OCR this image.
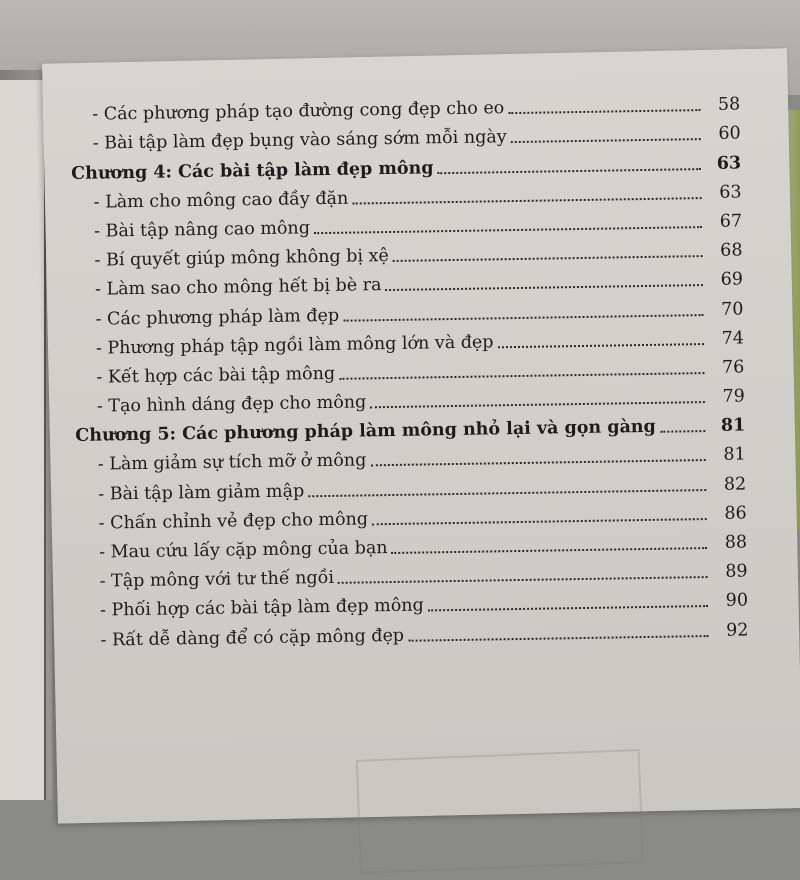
- Các phương pháp tạo đường cong đẹp cho eo	58
- Bài tập làm đẹp bụng vào sáng sớm mỗi ngày	60
Chương 4: Các bài tập làm đẹp mông	63
- Làm cho mông cao đầy đặn	63
- Bài tập nâng cao mông	67
- Bí quyết giúp mông không bị xệ	68
- Làm sao cho mông hết bị bè ra	69
- Các phương pháp làm đẹp	70
- Phương pháp tập ngồi làm mông lớn và đẹp	74
- Kết hợp các bài tập mông	76
- Tạo hình dáng đẹp cho mông	79
Chương 5: Các phương pháp làm mông nhỏ lại và gọn gàng	81
- Làm giảm sự tích mỡ ở mông	81
- Bài tập làm giảm mập	82
- Chấn chỉnh vẻ đẹp cho mông	86
- Mau cứu lấy cặp mông của bạn	88
- Tập mông với tư thế ngồi	89
- Phối hợp các bài tập làm đẹp mông	90
- Rất dễ dàng để có cặp mông đẹp	92
